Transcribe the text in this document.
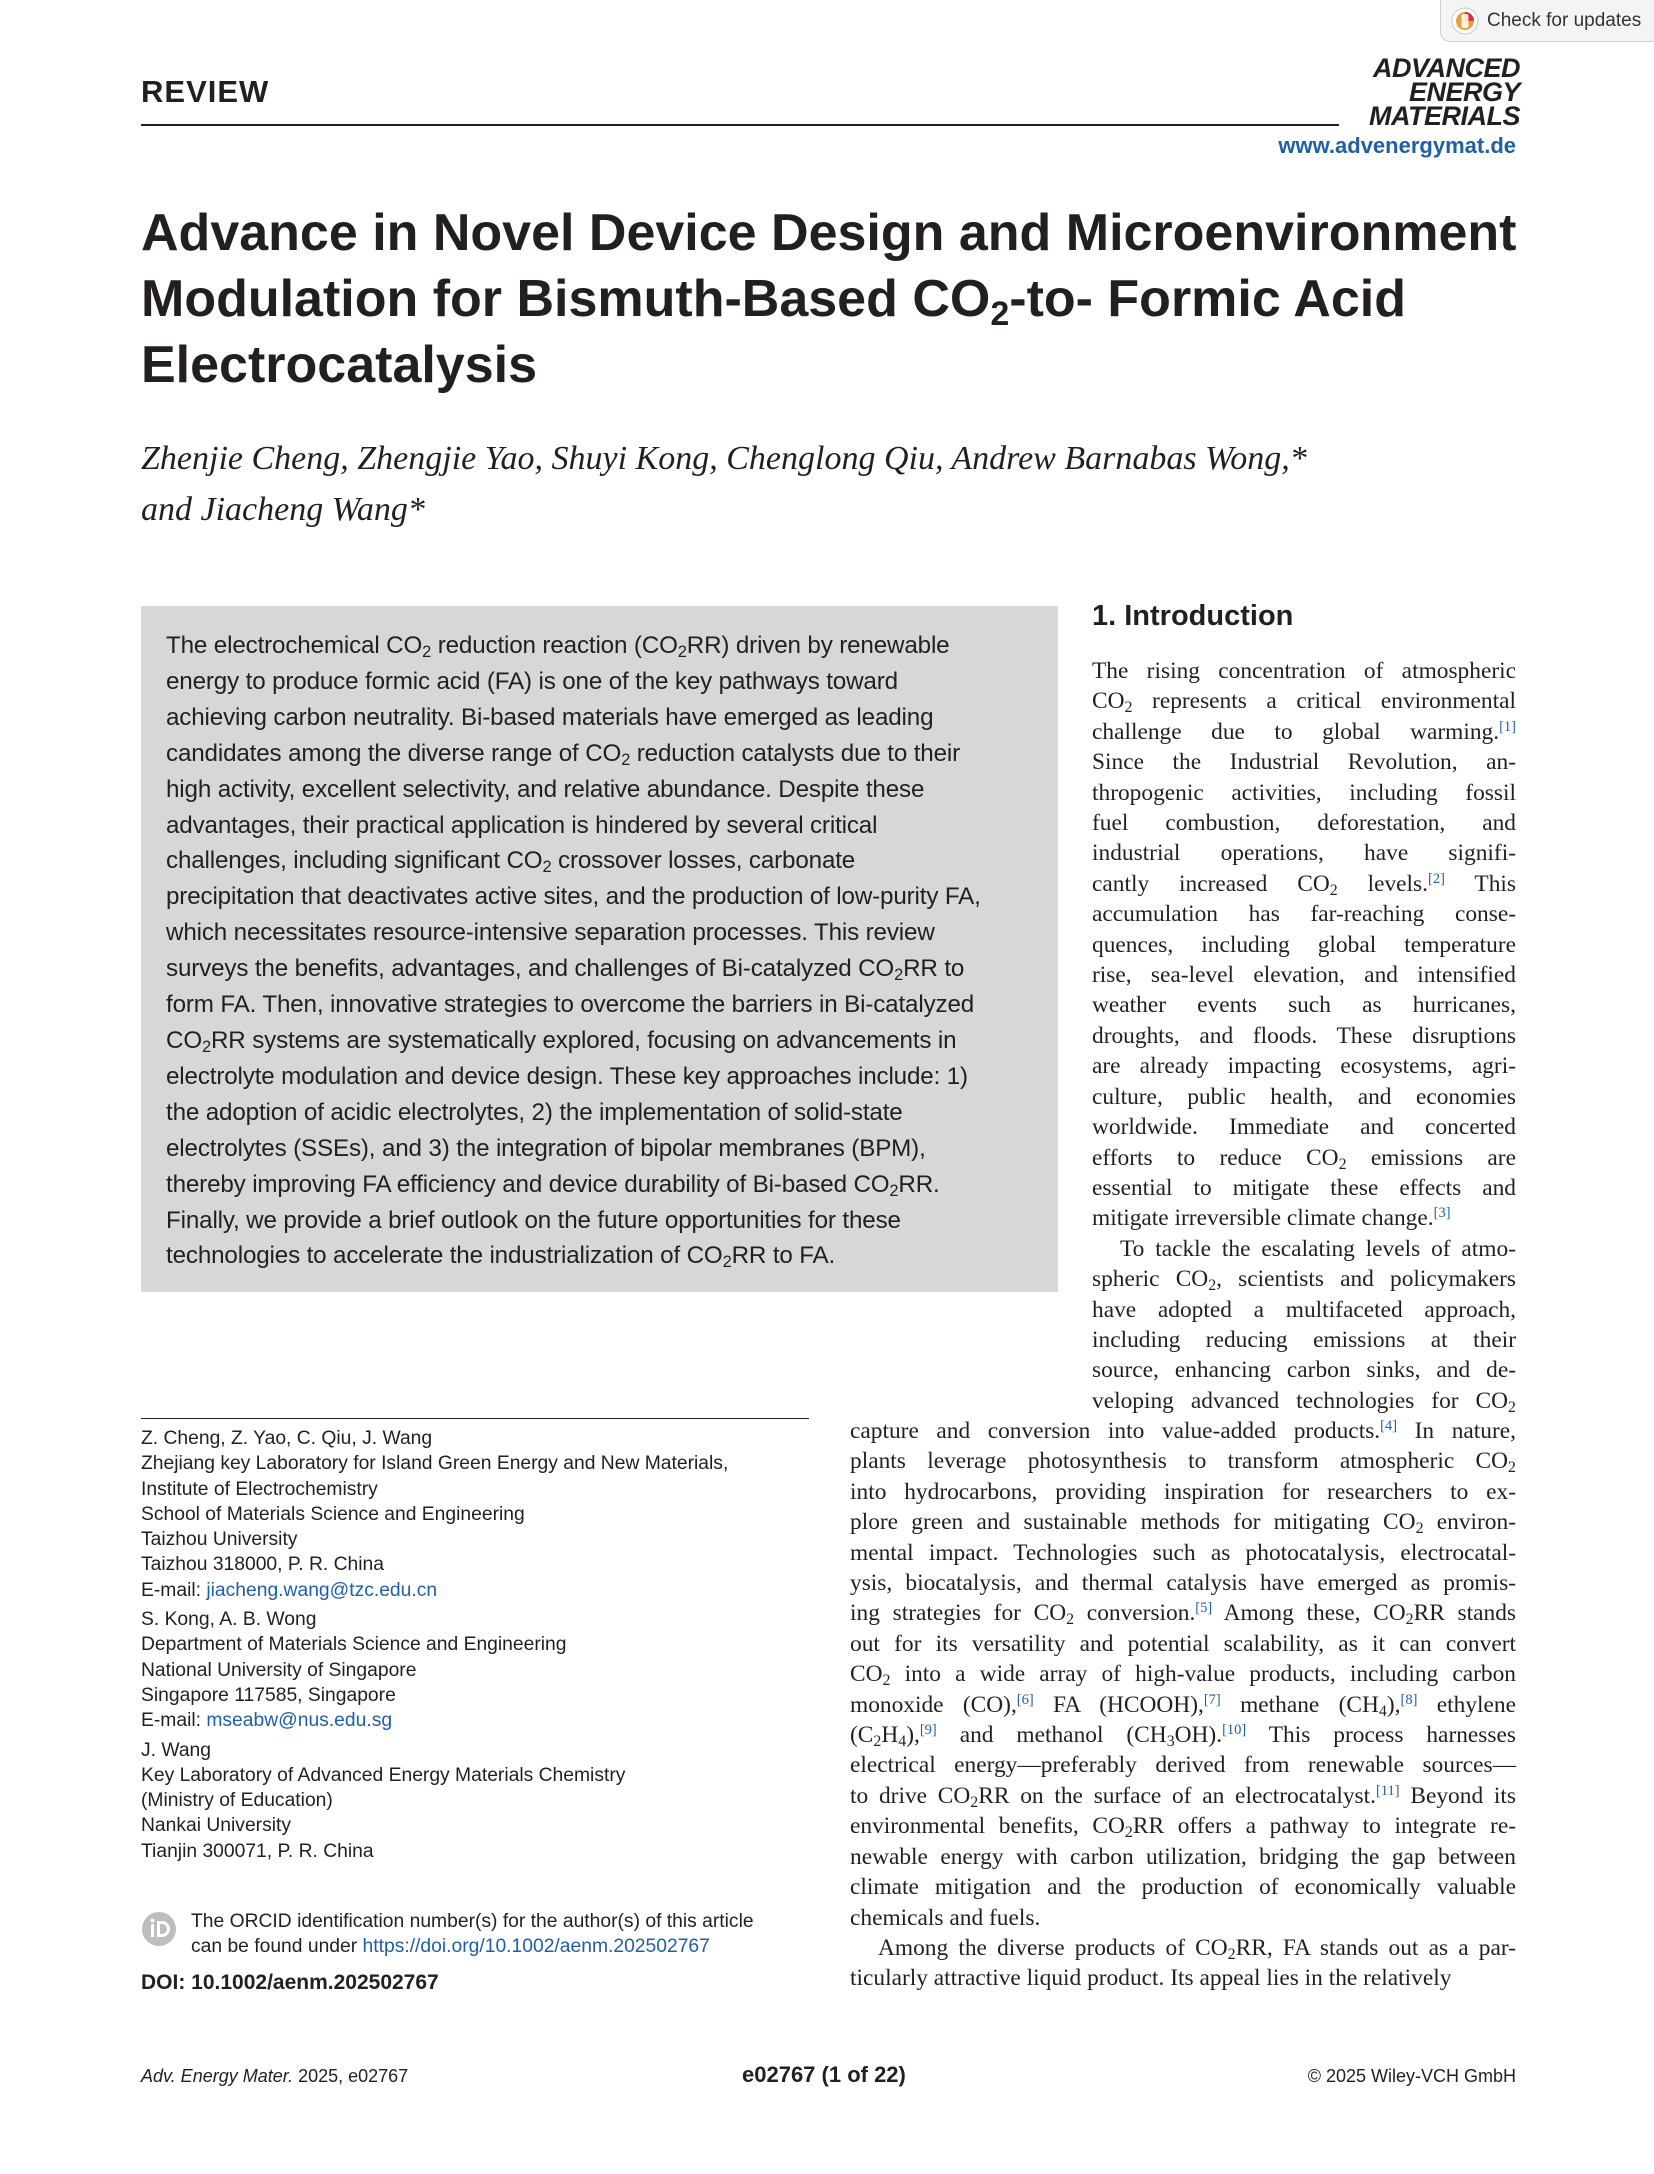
Check for updates
REVIEW
ADVANCED
ENERGY
MATERIALS
www.advenergymat.de
Advance in Novel Device Design and Microenvironment
Modulation for Bismuth-Based $CO_2-to-$ Formic Acid
Electrocatalysis
Zhenjie Cheng, Zhengjie Yao, Shuyi Kong, Chenglong Qiu, Andrew Barnabas Wong,*
and Jiacheng Wang*

The electrochemical $CO_2$ reduction reaction $(CO_2RR)$ driven by renewable
energy to produce formic acid (FA) is one of the key pathways toward
achieving carbon neutrality. Bi-based materials have emerged as leading
candidates among the diverse range of $CO_2$ reduction catalysts due to their
high activity, excellent selectivity, and relative abundance. Despite these
advantages, their practical application is hindered by several critical
challenges, including significant $CO_2$ crossover losses, carbonate
precipitation that deactivates active sites, and the production of low-purity FA,
which necessitates resource-intensive separation processes. This review
surveys the benefits, advantages, and challenges of Bi-catalyzed $CO_2RR$ to
form FA. Then, innovative strategies to overcome the barriers in Bi-catalyzed
$CO_2RR$ systems are systematically explored, focusing on advancements in
electrolyte modulation and device design. These key approaches include: 1)
the adoption of acidic electrolytes, 2) the implementation of solid-state
electrolytes (SSEs), and 3) the integration of bipolar membranes (BPM),
thereby improving FA efficiency and device durability of Bi-based $CO_2RR$.
Finally, we provide a brief outlook on the future opportunities for these
technologies to accelerate the industrialization of $CO_2RR$ to FA.

1. Introduction
The rising concentration of atmospheric
$CO_2$ represents a critical environmental
challenge due to global warming.[1]
Since the Industrial Revolution, an-
thropogenic activities, including fossil
fuel combustion, deforestation, and
industrial operations, have signifi-
cantly increased $CO_2$ levels.[2] This
accumulation has far-reaching conse-
quences, including global temperature
rise, sea-level elevation, and intensified
weather events such as hurricanes,
droughts, and floods. These disruptions
are already impacting ecosystems, agri-
culture, public health, and economies
worldwide. Immediate and concerted
efforts to reduce $CO_2$ emissions are
essential to mitigate these effects and
mitigate irreversible climate change.[3]
To tackle the escalating levels of atmo-
spheric $CO_2$, scientists and policymakers
have adopted a multifaceted approach,
including reducing emissions at their
source, enhancing carbon sinks, and de-
veloping advanced technologies for $CO_2$
capture and conversion into value-added products.[4] In nature,
plants leverage photosynthesis to transform atmospheric $CO_2$
into hydrocarbons, providing inspiration for researchers to ex-
plore green and sustainable methods for mitigating $CO_2$ environ-
mental impact. Technologies such as photocatalysis, electrocatal-
ysis, biocatalysis, and thermal catalysis have emerged as promis-
ing strategies for $CO_2$ conversion.[5] Among these, $CO_2RR$ stands
out for its versatility and potential scalability, as it can convert
$CO_2$ into a wide array of high-value products, including carbon
monoxide (CO),[6] FA (HCOOH),[7] methane $(CH_4),[8]$ ethylene
$(C_2H_4),[9]$ and methanol $(CH_3OH).[10]$ This process harnesses
electrical energy—preferably derived from renewable sources—
to drive $CO_2RR$ on the surface of an electrocatalyst.[11] Beyond its
environmental benefits, $CO_2RR$ offers a pathway to integrate re-
newable energy with carbon utilization, bridging the gap between
climate mitigation and the production of economically valuable
chemicals and fuels.
Among the diverse products of $CO_2RR$, FA stands out as a par-
ticularly attractive liquid product. Its appeal lies in the relatively
Z. Cheng, Z. Yao, C. Qiu, J. Wang
Zhejiang key Laboratory for Island Green Energy and New Materials,
Institute of Electrochemistry
School of Materials Science and Engineering
Taizhou University
Taizhou 318000, P. R. China
E-mail: jiacheng.wang@tzc.edu.cn
S. Kong, A. B. Wong
Department of Materials Science and Engineering
National University of Singapore
Singapore 117585, Singapore
E-mail: mseabw@nus.edu.sg
J. Wang
Key Laboratory of Advanced Energy Materials Chemistry
(Ministry of Education)
Nankai University
Tianjin 300071, P. R. China
The ORCID identification number(s) for the author(s) of this article
can be found under https://doi.org/10.1002/aenm.202502767
DOI: 10.1002/aenm.202502767
Adv. Energy Mater. 2025, e02767	e02767 (1 of 22)	© 2025 Wiley-VCH GmbH
